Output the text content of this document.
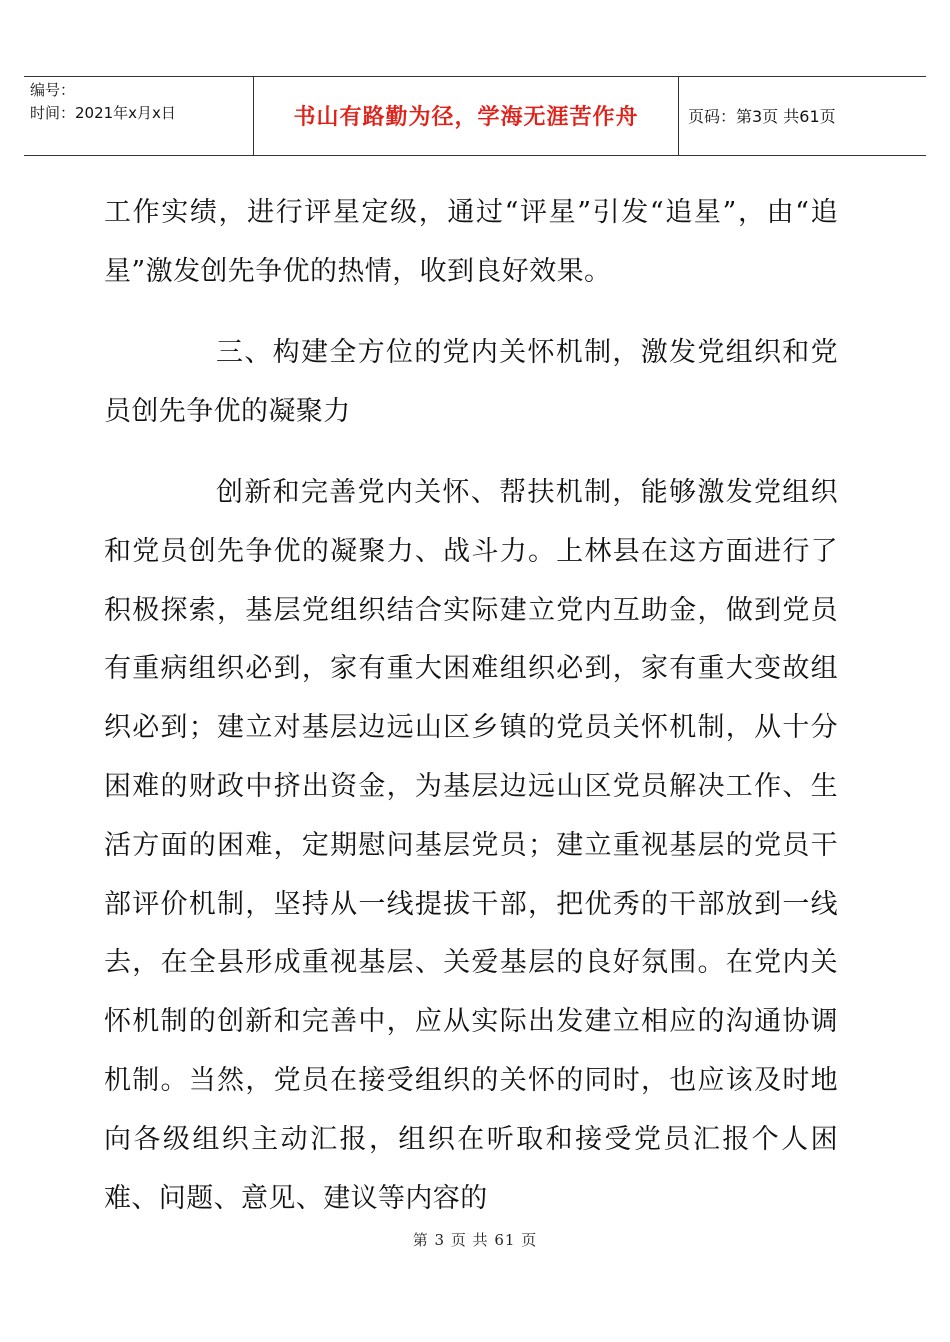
编号：
时间：2021年x月x日	书山有路勤为径，学海无涯苦作舟	页码：第3页 共61页
工作实绩，进行评星定级，通过“评星”引发“追星”，由“追星”激发创先争优的热情，收到良好效果。
三、构建全方位的党内关怀机制，激发党组织和党员创先争优的凝聚力
创新和完善党内关怀、帮扶机制，能够激发党组织和党员创先争优的凝聚力、战斗力。上林县在这方面进行了积极探索，基层党组织结合实际建立党内互助金，做到党员有重病组织必到，家有重大困难组织必到，家有重大变故组织必到；建立对基层边远山区乡镇的党员关怀机制，从十分困难的财政中挤出资金，为基层边远山区党员解决工作、生活方面的困难，定期慰问基层党员；建立重视基层的党员干部评价机制，坚持从一线提拔干部，把优秀的干部放到一线去，在全县形成重视基层、关爱基层的良好氛围。在党内关怀机制的创新和完善中，应从实际出发建立相应的沟通协调机制。当然，党员在接受组织的关怀的同时，也应该及时地向各级组织主动汇报，组织在听取和接受党员汇报个人困难、问题、意见、建议等内容的
第 3 页 共 61 页
